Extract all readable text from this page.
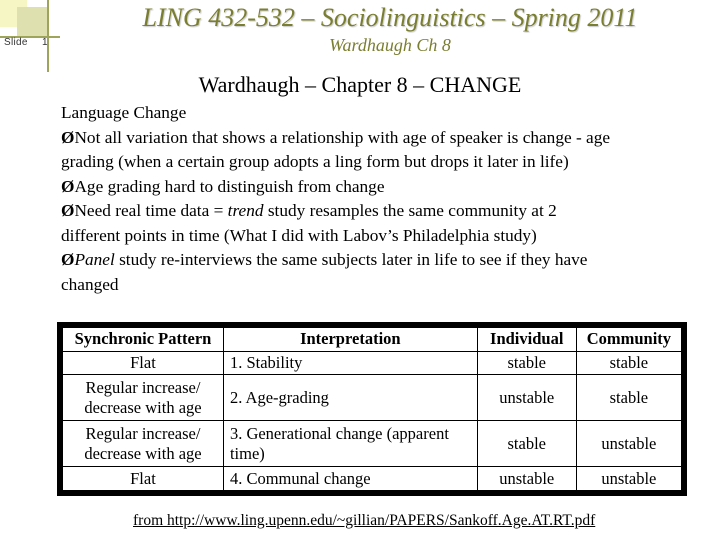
Slide 1
LING 432-532 – Sociolinguistics – Spring 2011
Wardhaugh Ch 8
Wardhaugh – Chapter 8 – CHANGE
Language Change
ØNot all variation that shows a relationship with age of speaker is change - age
grading (when a certain group adopts a ling form but drops it later in life)
ØAge grading hard to distinguish from change
ØNeed real time data = trend study resamples the same community at 2
different points in time (What I did with Labov’s Philadelphia study)
ØPanel study re-interviews the same subjects later in life to see if they have
changed
Synchronic Pattern	Interpretation	Individual	Community
Flat	1. Stability	stable	stable
Regular increase/ decrease with age	2. Age-grading	unstable	stable
Regular increase/ decrease with age	3. Generational change (apparent time)	stable	unstable
Flat	4. Communal change	unstable	unstable
from http://www.ling.upenn.edu/~gillian/PAPERS/Sankoff.Age.AT.RT.pdf
